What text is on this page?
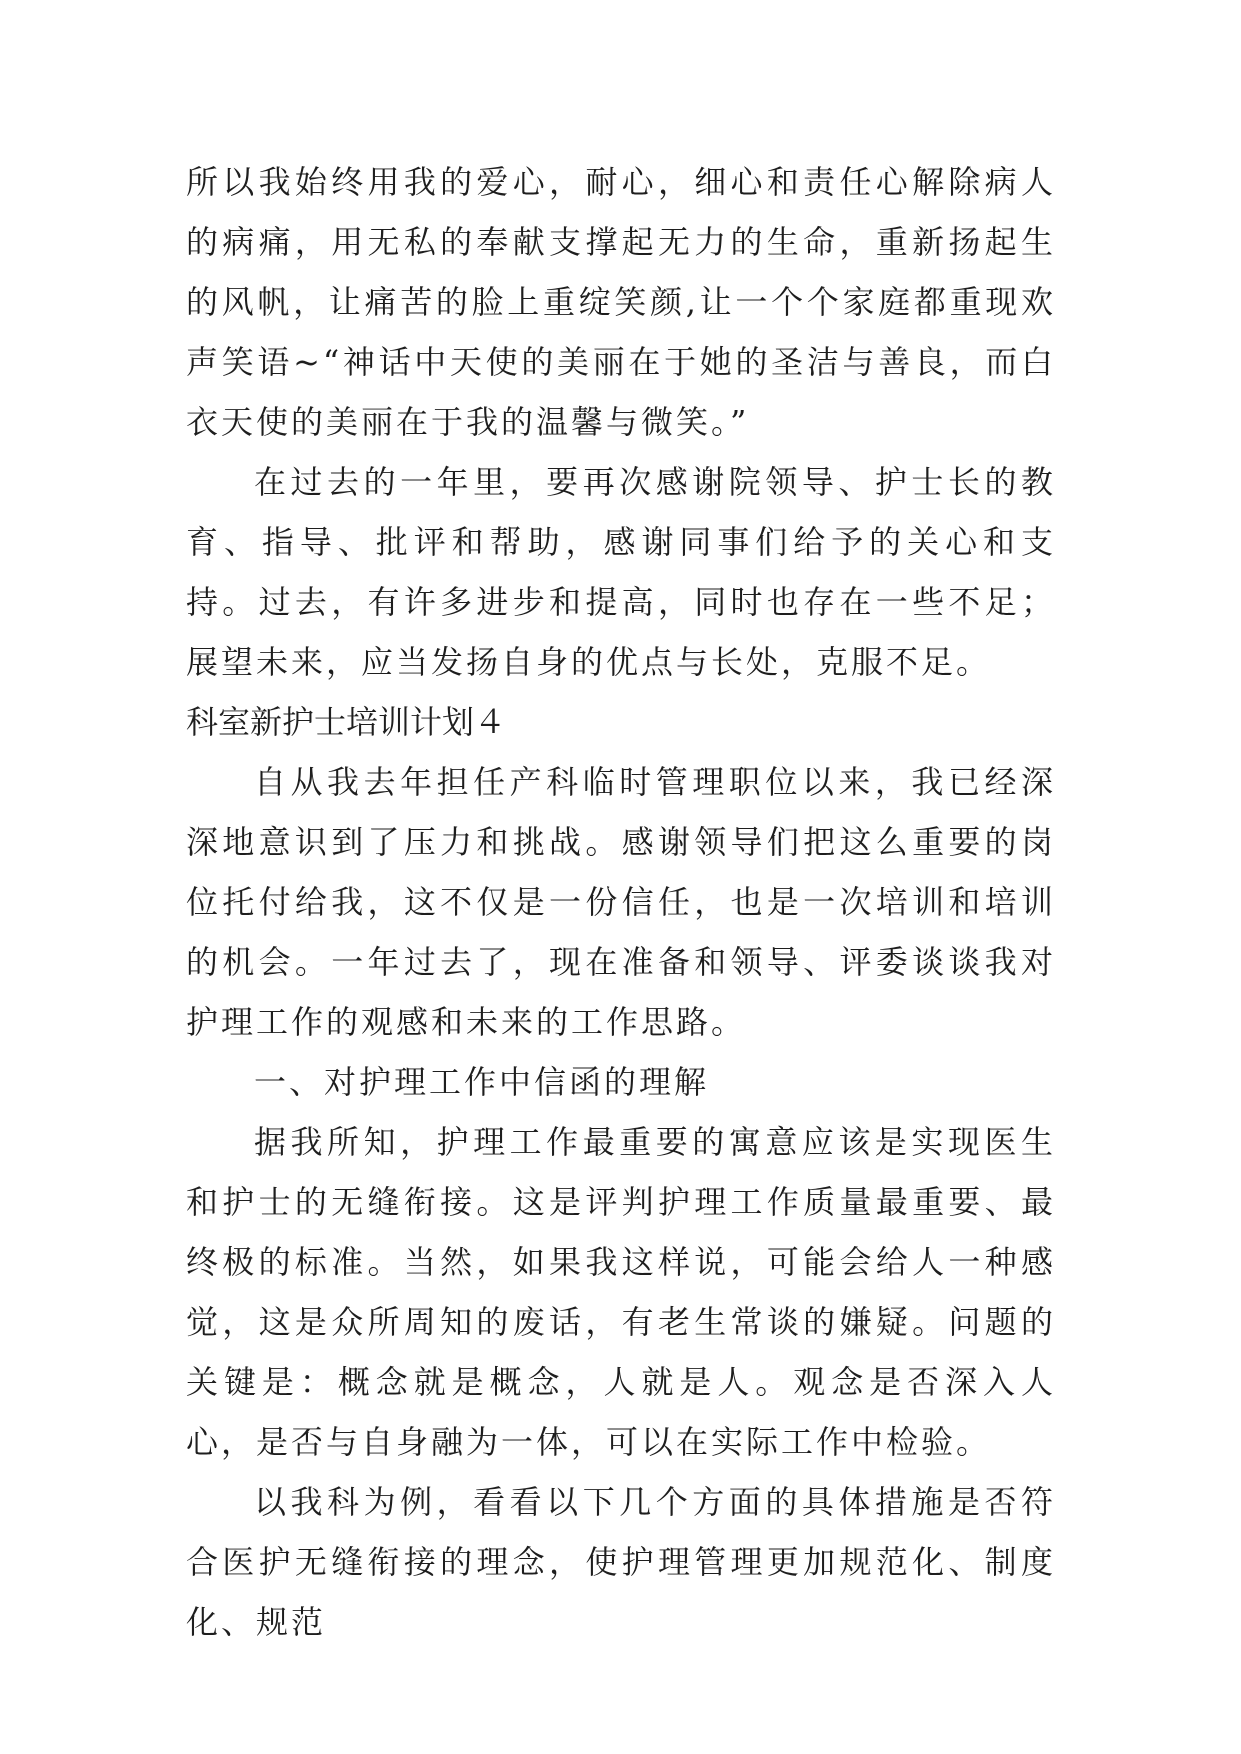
所以我始终用我的爱心，耐心，细心和责任心解除病人的病痛，用无私的奉献支撑起无力的生命，重新扬起生的风帆，让痛苦的脸上重绽笑颜,让一个个家庭都重现欢声笑语~“神话中天使的美丽在于她的圣洁与善良，而白衣天使的美丽在于我的温馨与微笑。”

在过去的一年里，要再次感谢院领导、护士长的教育、指导、批评和帮助，感谢同事们给予的关心和支持。过去，有许多进步和提高，同时也存在一些不足；展望未来，应当发扬自身的优点与长处，克服不足。

科室新护士培训计划４

自从我去年担任产科临时管理职位以来，我已经深深地意识到了压力和挑战。感谢领导们把这么重要的岗位托付给我，这不仅是一份信任，也是一次培训和培训的机会。一年过去了，现在准备和领导、评委谈谈我对护理工作的观感和未来的工作思路。

一、对护理工作中信函的理解

据我所知，护理工作最重要的寓意应该是实现医生和护士的无缝衔接。这是评判护理工作质量最重要、最终极的标准。当然，如果我这样说，可能会给人一种感觉，这是众所周知的废话，有老生常谈的嫌疑。问题的关键是：概念就是概念，人就是人。观念是否深入人心，是否与自身融为一体，可以在实际工作中检验。

以我科为例，看看以下几个方面的具体措施是否符合医护无缝衔接的理念，使护理管理更加规范化、制度化、规范
